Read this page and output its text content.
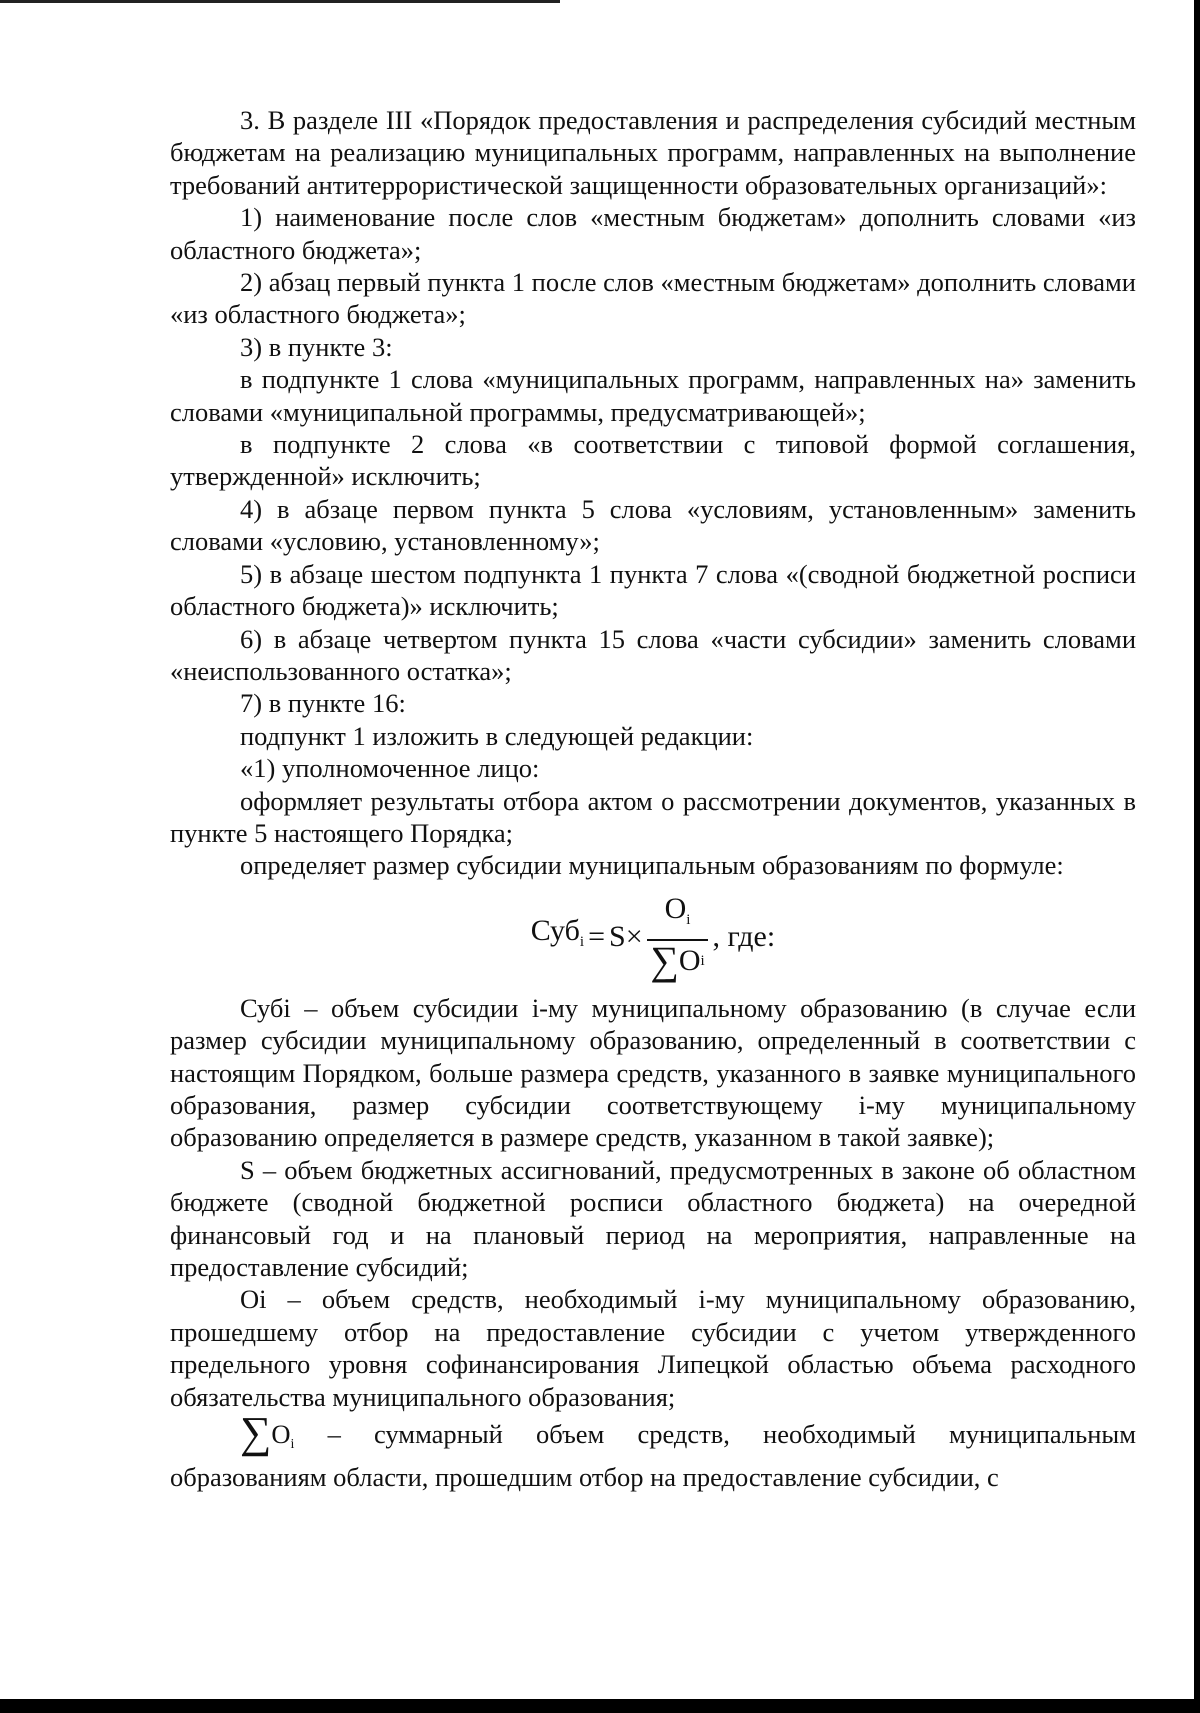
3. В разделе III «Порядок предоставления и распределения субсидий местным бюджетам на реализацию муниципальных программ, направленных на выполнение требований антитеррористической защищенности образовательных организаций»:

1) наименование после слов «местным бюджетам» дополнить словами «из областного бюджета»;

2) абзац первый пункта 1 после слов «местным бюджетам» дополнить словами «из областного бюджета»;

3) в пункте 3:

в подпункте 1 слова «муниципальных программ, направленных на» заменить словами «муниципальной программы, предусматривающей»;

в подпункте 2 слова «в соответствии с типовой формой соглашения, утвержденной» исключить;

4) в абзаце первом пункта 5 слова «условиям, установленным» заменить словами «условию, установленному»;

5) в абзаце шестом подпункта 1 пункта 7 слова «(сводной бюджетной росписи областного бюджета)» исключить;

6) в абзаце четвертом пункта 15 слова «части субсидии» заменить словами «неиспользованного остатка»;

7) в пункте 16:

подпункт 1 изложить в следующей редакции:

«1) уполномоченное лицо:

оформляет результаты отбора актом о рассмотрении документов, указанных в пункте 5 настоящего Порядка;

определяет размер субсидии муниципальным образованиям по формуле:

$Суб_i = S \times \frac{O_i}{\text{∑ O i}}$ , где:

Субi – объем субсидии i-му муниципальному образованию (в случае если размер субсидии муниципальному образованию, определенный в соответствии с настоящим Порядком, больше размера средств, указанного в заявке муниципального образования, размер субсидии соответствующему i-му муниципальному образованию определяется в размере средств, указанном в такой заявке);

S – объем бюджетных ассигнований, предусмотренных в законе об областном бюджете (сводной бюджетной росписи областного бюджета) на очередной финансовый год и на плановый период на мероприятия, направленные на предоставление субсидий;

Оi – объем средств, необходимый i-му муниципальному образованию, прошедшему отбор на предоставление субсидии с учетом утвержденного предельного уровня софинансирования Липецкой областью объема расходного обязательства муниципального образования;

∑Oi – суммарный объем средств, необходимый муниципальным образованиям области, прошедшим отбор на предоставление субсидии, с
